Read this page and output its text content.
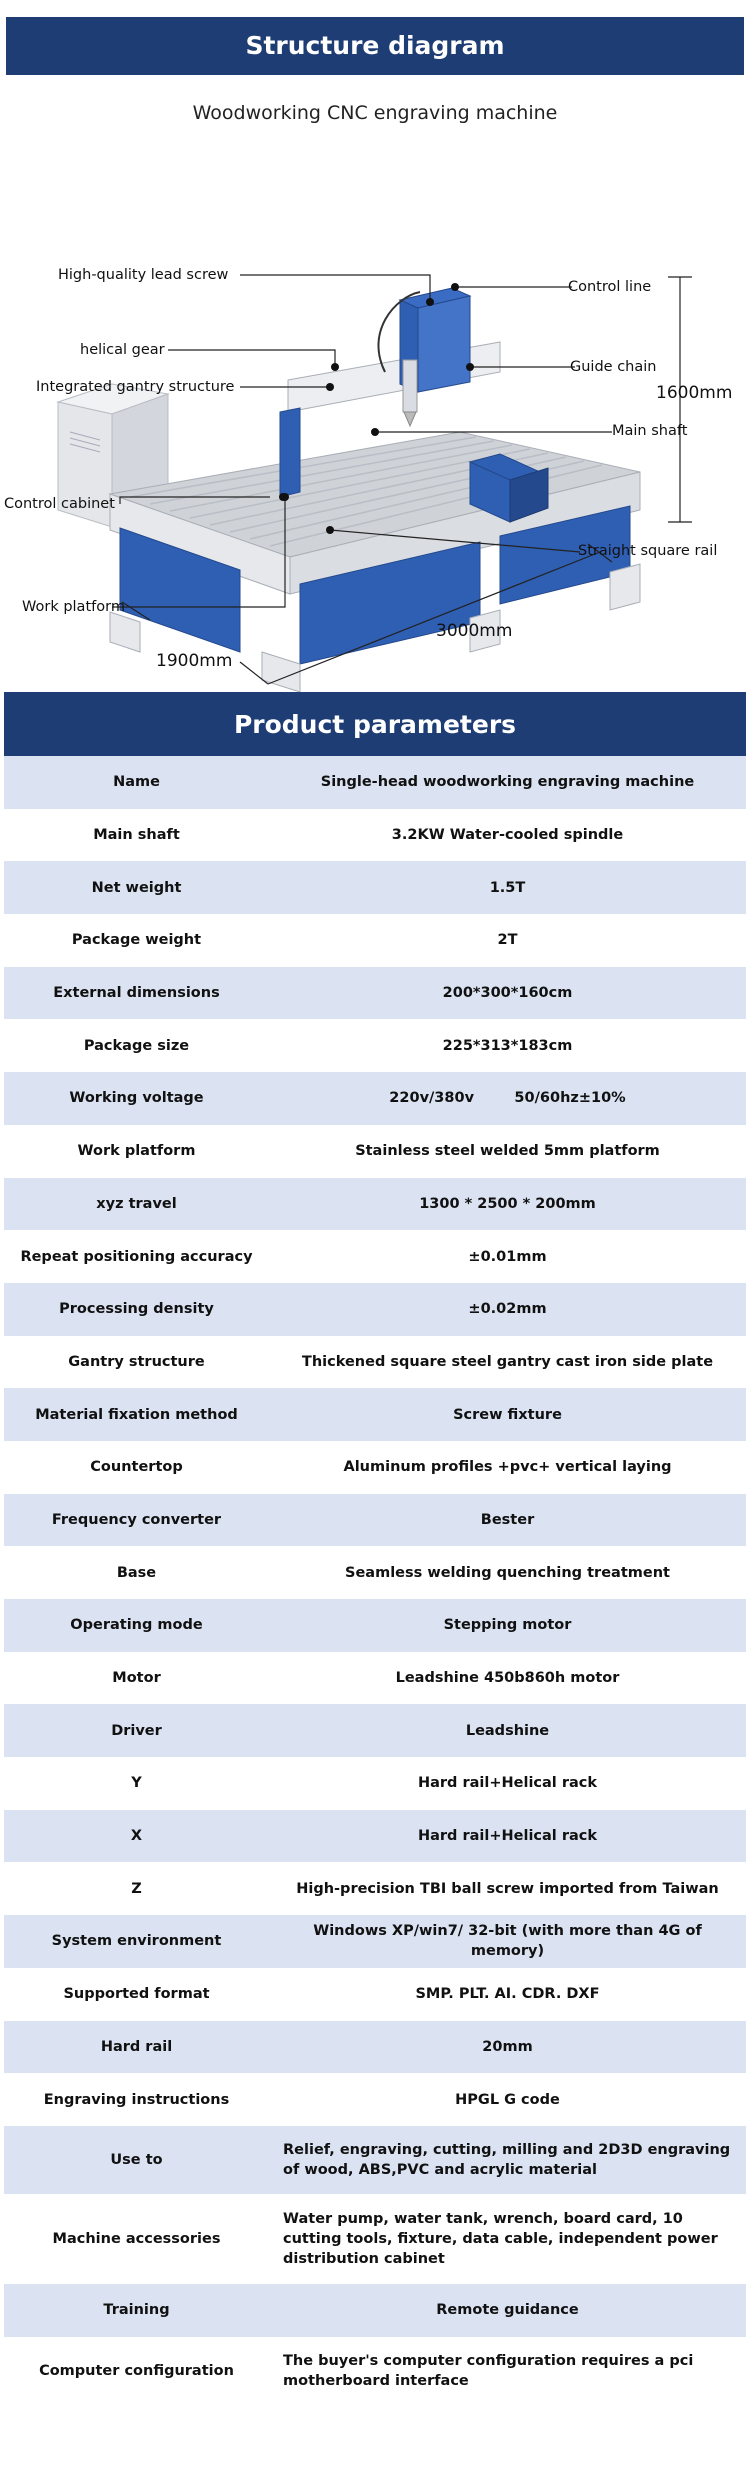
Structure diagram
Woodworking CNC engraving machine
High-quality lead screw
helical gear
Integrated gantry structure
Control cabinet
Work platform
Control line
Guide chain
Main shaft
Straight square rail
1600mm
3000mm
1900mm
Product parameters
Name	Single-head woodworking engraving machine
Main shaft	3.2KW Water-cooled spindle
Net weight	1.5T
Package weight	2T
External dimensions	200*300*160cm
Package size	225*313*183cm
Working voltage	220v/380v        50/60hz±10%
Work platform	Stainless steel welded 5mm platform
xyz travel	1300 * 2500 * 200mm
Repeat positioning accuracy	±0.01mm
Processing density	±0.02mm
Gantry structure	Thickened square steel gantry cast iron side plate
Material fixation method	Screw fixture
Countertop	Aluminum profiles +pvc+ vertical laying
Frequency converter	Bester
Base	Seamless welding quenching treatment
Operating mode	Stepping motor
Motor	Leadshine 450b860h motor
Driver	Leadshine
Y	Hard rail+Helical rack
X	Hard rail+Helical rack
Z	High-precision TBI ball screw imported from Taiwan
System environment	Windows XP/win7/ 32-bit (with more than 4G of memory)
Supported format	SMP. PLT. AI. CDR. DXF
Hard rail	20mm
Engraving instructions	HPGL G code
Use to	Relief, engraving, cutting, milling and 2D3D engraving of wood, ABS,PVC and acrylic material
Machine accessories	Water pump, water tank, wrench, board card, 10 cutting tools, fixture, data cable, independent power distribution cabinet
Training	Remote guidance
Computer configuration	The buyer's computer configuration requires a pci motherboard interface
